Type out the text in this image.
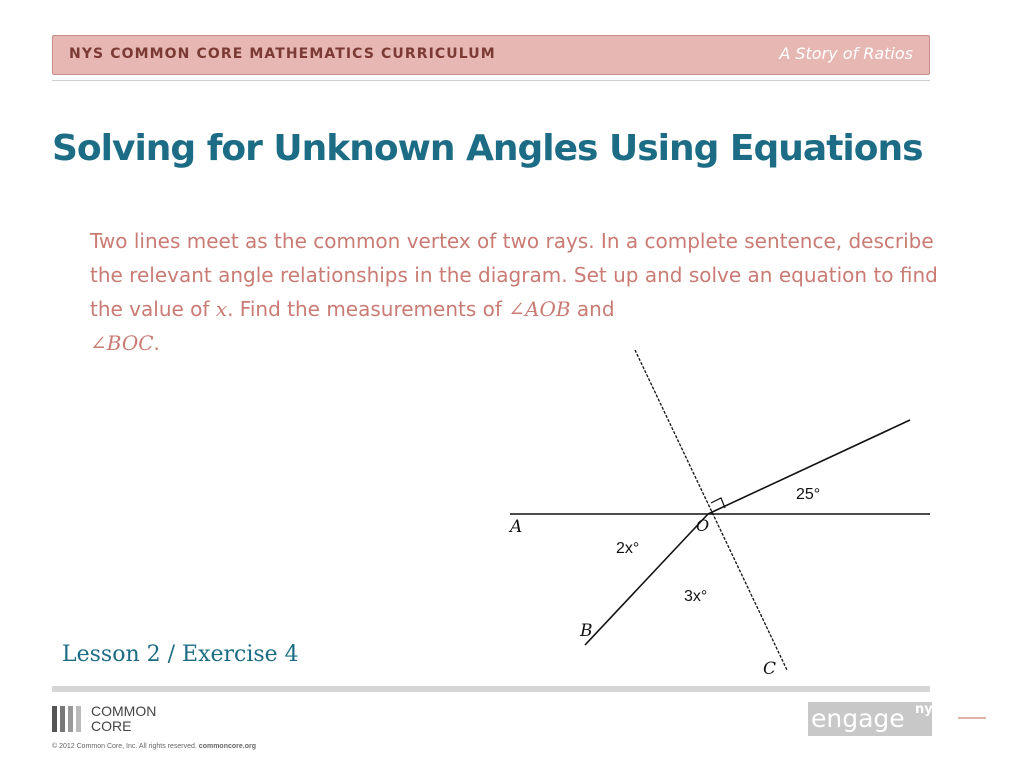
NYS COMMON CORE MATHEMATICS CURRICULUM	A Story of Ratios
Solving for Unknown Angles Using Equations
Two lines meet as the common vertex of two rays. In a complete sentence, describe the relevant angle relationships in the diagram. Set up and solve an equation to find the value of x. Find the measurements of ∠AOB and
∠BOC.
A	O
B
C
25°
2x°
3x°
Lesson 2 / Exercise 4
COMMON
CORE
© 2012 Common Core, Inc. All rights reserved. commoncore.org
engage ny
